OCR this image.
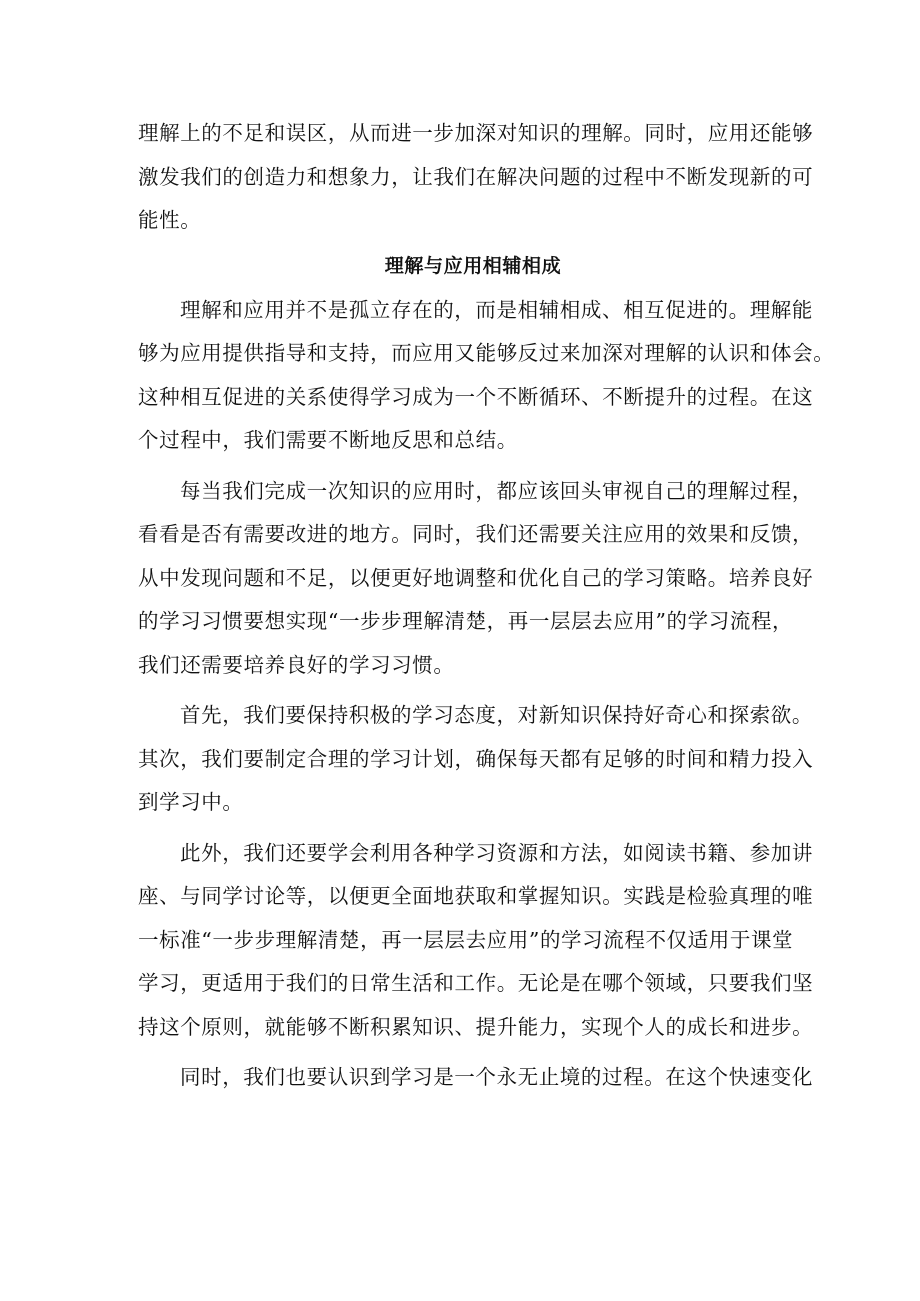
理解上的不足和误区，从而进一步加深对知识的理解。同时，应用还能够
激发我们的创造力和想象力，让我们在解决问题的过程中不断发现新的可
能性。
理解与应用相辅相成
理解和应用并不是孤立存在的，而是相辅相成、相互促进的。理解能
够为应用提供指导和支持，而应用又能够反过来加深对理解的认识和体会。
这种相互促进的关系使得学习成为一个不断循环、不断提升的过程。在这
个过程中，我们需要不断地反思和总结。
每当我们完成一次知识的应用时，都应该回头审视自己的理解过程，
看看是否有需要改进的地方。同时，我们还需要关注应用的效果和反馈，
从中发现问题和不足，以便更好地调整和优化自己的学习策略。培养良好
的学习习惯要想实现“一步步理解清楚，再一层层去应用”的学习流程，
我们还需要培养良好的学习习惯。
首先，我们要保持积极的学习态度，对新知识保持好奇心和探索欲。
其次，我们要制定合理的学习计划，确保每天都有足够的时间和精力投入
到学习中。
此外，我们还要学会利用各种学习资源和方法，如阅读书籍、参加讲
座、与同学讨论等，以便更全面地获取和掌握知识。实践是检验真理的唯
一标准“一步步理解清楚，再一层层去应用”的学习流程不仅适用于课堂
学习，更适用于我们的日常生活和工作。无论是在哪个领域，只要我们坚
持这个原则，就能够不断积累知识、提升能力，实现个人的成长和进步。
同时，我们也要认识到学习是一个永无止境的过程。在这个快速变化
